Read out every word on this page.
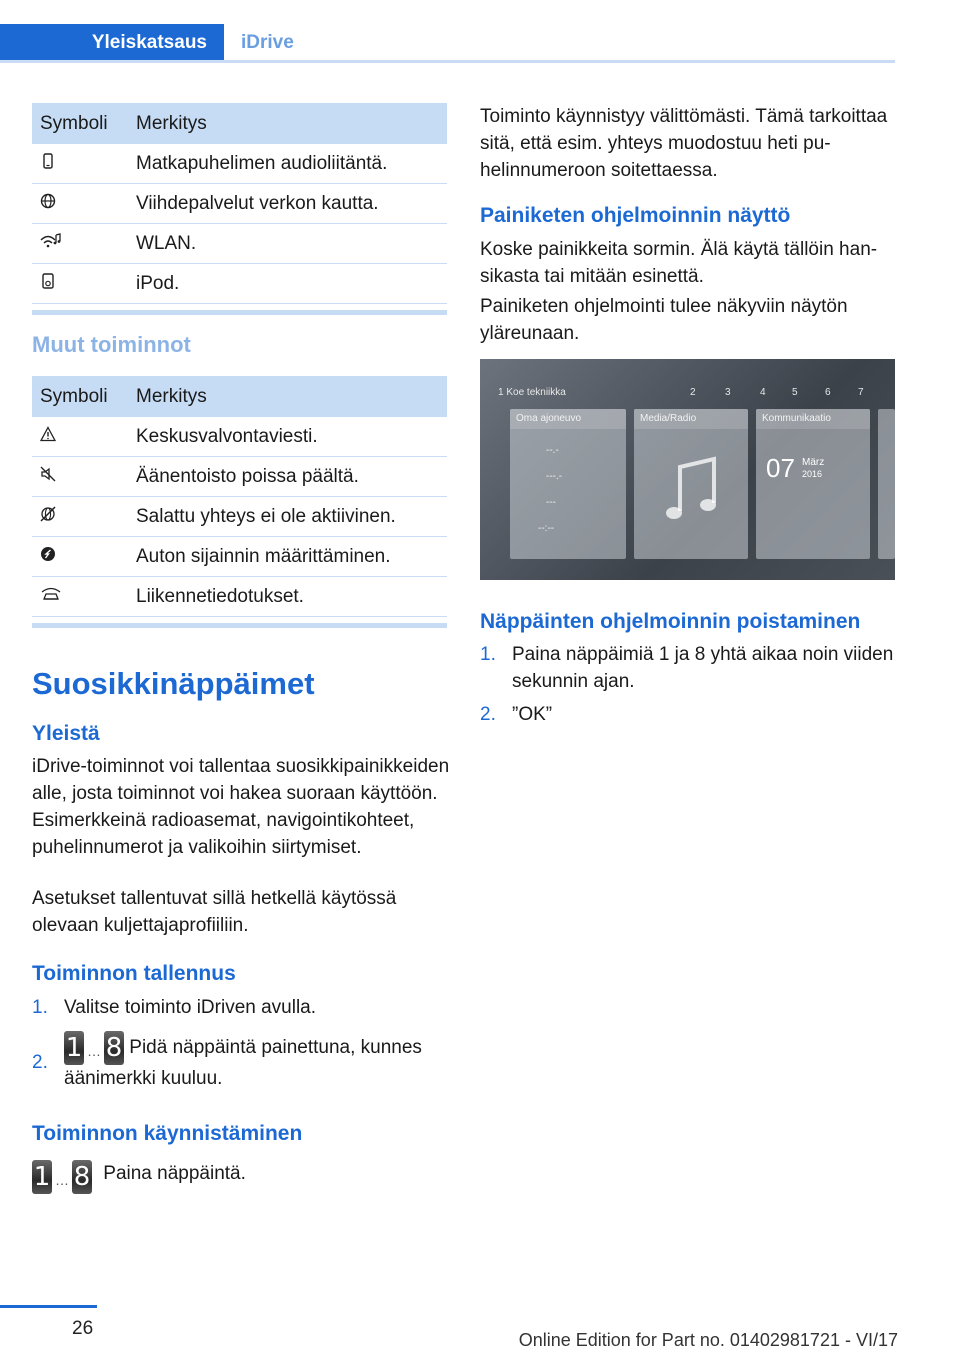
Yleiskatsaus	iDrive
Symboli	Merkitys
Matkapuhelimen audioliitäntä.
Viihdepalvelut verkon kautta.
WLAN.
iPod.
Muut toiminnot
Symboli	Merkitys
Keskusvalvontaviesti.
Äänentoisto poissa päältä.
Salattu yhteys ei ole aktiivinen.
Auton sijainnin määrittäminen.
Liikennetiedotukset.
Suosikkinäppäimet
Yleistä

iDrive-toiminnot voi tallentaa suosikkipainikkeiden alle, josta toiminnot voi hakea suoraan käyttöön. Esimerkkeinä radioasemat, navigointikohteet, puhelinnumerot ja valikoihin siirtymiset.

Asetukset tallentuvat sillä hetkellä käytössä olevaan kuljettajaprofiiliin.

Toiminnon tallennus
1. Valitse toiminto iDriven avulla.
2. 1 … 8 Pidä näppäintä painettuna, kunnes äänimerkki kuuluu.
Toiminnon käynnistäminen
1 … 8 Paina näppäintä.

Toiminto käynnistyy välittömästi. Tämä tarkoittaa sitä, että esim. yhteys muodostuu heti puhelinnumeroon soitettaessa.

Painiketen ohjelmoinnin näyttö

Koske painikkeita sormin. Älä käytä tällöin hansikasta tai mitään esinettä.

Painiketen ohjelmointi tulee näkyviin näytön yläreunaan.

1 Koe tekniikka	2	3	4	5	6	7
Oma ajoneuvo
--.-
---.-
---
--:--
Media/Radio	Kommunikaatio
07 März
2016
Näppäinten ohjelmoinnin poistaminen
1. Paina näppäimiä 1 ja 8 yhtä aikaa noin viiden sekunnin ajan.
2. ”OK”
26
Online Edition for Part no. 01402981721 - VI/17
